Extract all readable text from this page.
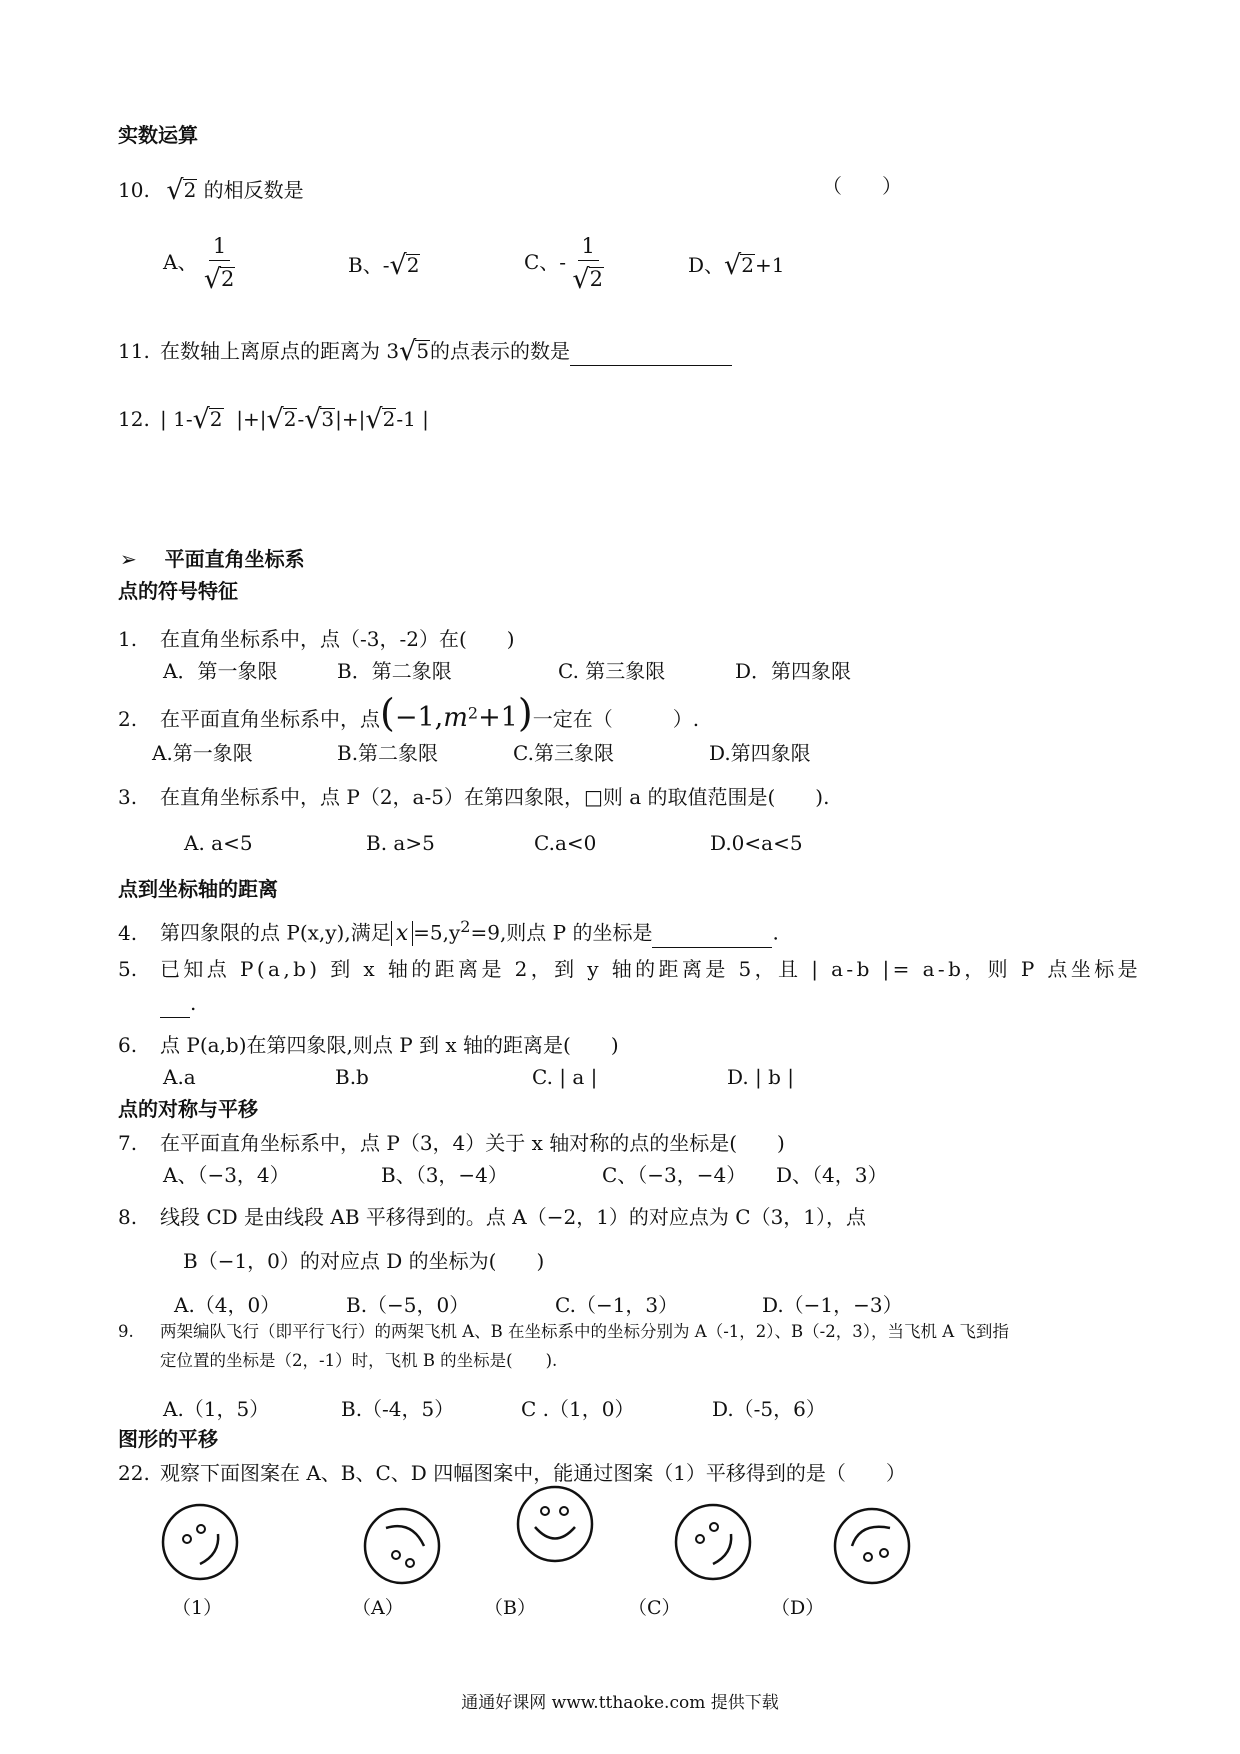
实数运算
10. √2 的相反数是	（　　）
A、 $\frac{1}{√2}$	B、-√2	C、- $\frac{1}{√2}$	D、√2+1
11. 在数轴上离原点的距离为 3√5的点表示的数是
12. | 1-√2 |+|√2-√3|+|√2-1 |
➢ 平面直角坐标系
点的符号特征
1. 在直角坐标系中，点（-3，-2）在(　　)
A．第一象限	B．第二象限	C. 第三象限	D．第四象限
2. 在平面直角坐标系中，点$(-1,m^2+1)$一定在（　　　）.
A.第一象限	B.第二象限	C.第三象限	D.第四象限
3. 在直角坐标系中，点 P（2，a-5）在第四象限，□则 a 的取值范围是(　　).
A. a<5	B. a>5	C.a<0	D.0<a<5
点到坐标轴的距离
4. 第四象限的点 P(x,y),满足 $x =5,y^2=9$,则点 P 的坐标是	.
5. 已知点 P(a,b) 到 x 轴的距离是 2，到 y 轴的距离是 5，且 | a-b |= a-b，则 P 点坐标是
.
6. 点 P(a,b)在第四象限,则点 P 到 x 轴的距离是(　　)
A.a	B.b	C. | a |	D. | b |
点的对称与平移
7. 在平面直角坐标系中，点 P（3，4）关于 x 轴对称的点的坐标是(　　)
A、（−3，4）	B、（3，−4）	C、（−3，−4） D、（4，3）
8. 线段 CD 是由线段 AB 平移得到的。点 A（−2，1）的对应点为 C（3，1），点
B（−1，0）的对应点 D 的坐标为(　　)
A.（4，0）	B.（−5，0）	C.（−1，3）	D.（−1，−3）
9. 两架编队飞行（即平行飞行）的两架飞机 A、B 在坐标系中的坐标分别为 A（-1，2）、B（-2，3），当飞机 A 飞到指
定位置的坐标是（2，-1）时，飞机 B 的坐标是(　　).
A.（1，5）	B.（-4，5）	C .（1，0）	D.（-5，6）
图形的平移
22. 观察下面图案在 A、B、C、D 四幅图案中，能通过图案（1）平移得到的是（　　）
（1）	（A）	（B）	（C）	（D）
通通好课网 www.tthaoke.com 提供下载
